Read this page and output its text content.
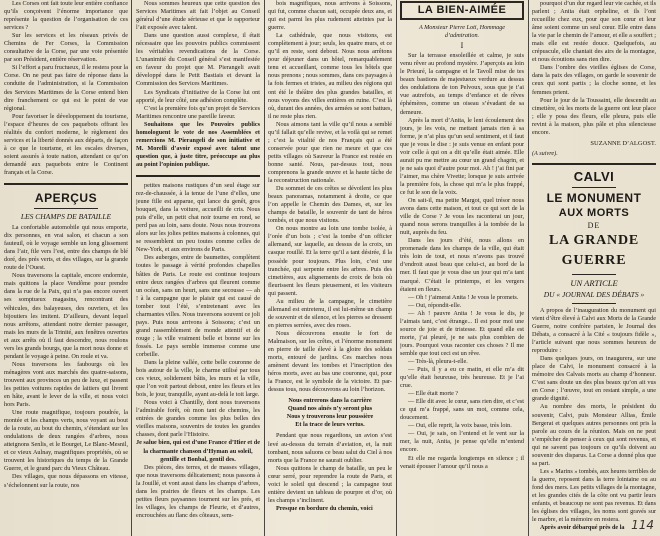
Les Corses ont fait toute leur entière confiance qu’ils conçoivent l’énorme importance que représente la question de l’organisation de ces services ?

Sur les services et les réseaux privés de Chemins de Fer Corses, la Commission consultative de la Corse, par une voie présentée par son Président, entière réservation.

Si l’effort a paru fructueux, il le restera pour la Corse. On ne peut pas faire de réponse dans la conduite de l’administration, si la Commission des Services Maritimes de la Corse entend bien dire franchement ce qui est le point de vue régional.

Pour favoriser le développement du tourisme, l’espace d’heures de ces paquebots offrant les réalités du confort moderne, le règlement des services et la liberté donnés aux départs, de façon à ce que le tourisme, et les escales diverses, soient assurés à toute nation, attendant ce qu’on demandé aux paquebots entre le Continent français et la Corse.

APERÇUS
LES CHAMPS DE BATAILLE

La confortable automobile qui nous emporte, dix personnes, en vrai salon, et chacun a son fauteuil, où le voyage semble un long glissement dans l’air, file vers l’est, entre des champs de blé doré, des prés verts, et des villages, sur la grande route de l’Ouest.

Nous traversons la capitale, encore endormie, mais quittons la place Vendôme pour prendre dans la rue de la Paix, qui n’a pas encore ouvert ses somptueux magasins, rencontrant des véhicules, des balayeuses, des ouvriers, et les bijoutiers les imitent. D’ailleurs, devant lequel nous arrêtons, attendant notre dernier passager, mais les murs de la Trinité, aux fenêtres ouvertes et aux arrêts où il faut descendre, nous roulons vers les grands bourgs, que la mort nous donne et pendant le voyage à peine. On roule et va.

Nous traversons les faubourgs où les ménagères vont aux marchés des quatre-saisons, trouvent aux provinces un peu de luxe, et passent les petites voitures rapides de laitiers qui livrent en hâte, avant le lever de la ville, et nous voici hors Paris.

Une route magnifique, toujours poudrée, la montée et les champs verts, nous voyant au bout de la route, au bout du chemin, s’étendant sur les ondulations de deux rangées d’arbres, nous atteignons Senlis, et le Bourget, Le Blanc-Mesnil, et ce vieux Aulnay, magnifiques propriétés, où se trouvent les historiques du temps de la Grande Guerre, et le grand parc du Vieux Château.

Des villages, que nous dépassons en vitesse, s’échelonnent sur la route, nos

Nous sommes heureux que cette question des Services Maritimes ait fait l’objet au Conseil général d’une étude sérieuse et que le rapporteur l’ait exposée avec talent.

Dans une question aussi complexe, il était nécessaire que les pouvoirs publics commissent les véritables revendications de la Corse. L’unanimité du Conseil général s’est manifestée en faveur du projet que M. Pierangeli avait développé dans le Petit Bastiais et devant la Commission des Services Maritimes.

Les Syndicats d’initiative de la Corse lui ont apporté, de leur côté, une adhésion complète.

C’est la première fois qu’un projet de Services Maritimes rencontre une pareille faveur.

Souhaitons que les Pouvoirs publics homologuent le vote de nos Assemblées et remercions M. Pierangeli de son initiative et M. Morelli d’avoir exposé avec talent une question que, à juste titre, préoccupe au plus au point l’opinion publique.

petites maisons rustiques d’un seul étage sur rez-de-chaussée, à la tenue de l’une d’elles, une jeune fille est apparue, qui lance du genêt, gros bouquet, dans la voiture, accueilli de cris. Nous puis d’elle, un petit chat noir tourne en rond, se perd pas au loin, sans doute. Nous nous trouvons alors sur les jolies petites maisons à colonnes, qui se ressemblent un peu toutes comme celles de New-York, et aux environs de Paris.

Des auberges, entre de baumettes, complètent toutes le passage à vérité profondes chapelles bâties de Paris. Le route est continue toujours entre deux rangées d’arbres qui fleurent comme un océan, sans un heurt, sans une secousse — ah ! à la campagne que le plaisir qui est causé de tomber tout l’été, s’entretenant avec les charmantes villes. Nous traversons souvent ce joli pays. Puis nous arrivons à Soissons; c’est un grand rassemblement de monde attentif et de rouge ; la ville vraiment belle et bonne sur les fossés. Le pays semble immense comme une corbeille.

Dans la pleine vallée, cette belle couronne de bois autour de la ville, le charme utilisé par tous ces vieux, solidement bâtis, les murs et la ville, que l’on voit partout debout, entre les fleurs et les bois, le jour, tranquille, ayant au-delà le toit large.

Nous voici à Chantilly, dont nous traversons l’admirable forêt, où mon tant de chemins, les entrées de grandes comme les plus belles des vieilles maisons, souvenirs de toutes les grandes chasses, dont parle l’Histoire.

Je salue bien, qui est d’une France d’Hier et de la charmante chanson d’Hyman au soleil, gentille et Bonbal, gentil des.

Des pièces, des terres, et de masses villages, que nous traversons délicatement; nous passons à la Jouillé, et vont aussi dans les champs d’arbres, dans les prairies de fleurs et les champs. Les petites fleurs paysannes tournent sur les prés, et les villages, les champs de Fleurie, et d’autres, encrouchées au flanc des côteaux, sem-

bois magnifiques, nous arrivons à Soissons, qui fut, comme chacun sait, occupée deux ans, et qui est parmi les plus rudement atteintes par la guerre.

La cathédrale, que nous visitons, est complètement à jour; seuls, les quatre murs, et ce qu’il en reste, sont debout. Nous nous arrêtons pour déjeuner dans un hôtel, remarquablement tenu et accueillant, comme tous les hôtels que nous prenons ; nous sommes, dans ces paysages à la fois fermes et tristes, au milieu des régions qui ont été le théâtre des plus grandes batailles, et nous voyons des villes entières en ruine. C’est là où, durant des années, des armées se sont battues, il ne reste plus rien.

Nous aimons tant la ville qu’il nous a semblé qu’il fallait qu’elle revive, et la voilà qui se remet ; c’est la vitalité de nos Français qui a été conservée pour que rien ne meure et que ces petits villages où Sauveur la France est restée en bonne santé. Nous, par-dessus tout, nous comprenons la grande œuvre et la haute tâche de la reconstruction nationale.

Du sommet de ces crêtes se dévoilent les plus beaux panoramas, notamment à droite, ce que l’on appelle le Chemin des Dames, et, sur les champs de bataille, le souvenir de tant de héros tombés, et que nous visitons.

On nous montre au loin une tombe isolée, à l’orée d’un bois ; c’est la tombe d’un officier allemand, sur laquelle, au dessus de la croix, un casque rouillé. Et la terre qu’il a tant désirée, il la possède pour toujours. Plus loin, c’est une tranchée, qui serpente entre les arbres. Puis des cimetières, aux alignements de croix de bois où fleurissent les fleurs pieusement, et les visiteurs qui passent.

Au milieu de la campagne, le cimetière allemand est entretenu, il est lui-même un champ de souvenir et de silence, et les pierres se dressent en pierres serrées, avec des roses.

Nous découvrons ensuite le fort de Malmaison, sur les crêtes, et l’énorme monument en pierre de taille élevé à la gloire des soldats morts, entouré de jardins. Ces marches nous amènent devant les tombes et l’inscription des héros morts, avec au bas une couronne, qui, pour la France, est le symbole de la victoire. Et par-dessus tous, nous découvrons au loin l’horizon.

Nous entrerons dans la carrière

Quand nos aînés n’y seront plus

Nous y trouverons leur poussière

Et la trace de leurs vertus.

Pendant que nous regardions, un avion s’est levé au-dessus du terrain d’aviation, et, la nuit tombant, nous saluons ce beau salut du Ciel à nos morts que la France ne saurait oublier.

Nous quittons le champ de bataille, un peu le cœur serré, pour reprendre la route de Paris, et voici le soleil qui descend ; la campagne tout entière devient un tableau de pourpre et d’or, où les champs s’inclinent.

Presque en bordure du chemin, voici

LA BIEN-AIMÉE

A Monsieur Pierre Loti, Hommage d’admiration.

I

Sur la terrasse ensoleillée et calme, je suis venu rêver au profond mystère. J’aperçois au loin le Prieuré, la campagne et le Tavoll mise de tes beaux bastions de majestueux verdure au dessus des ondulations de ton Pelvoux, sous que je t’ai vue autrefois, au temps d’enfance et de rêves éphémères, comme un oiseau s’évadant de sa demeure.

Après la mort d’Anita, le lent écoulement des jours, je les vois, ne mettant jamais rien à sa forme, je n’ai plus qu’un seul sentiment, et il faut que je vous le dise : je suis venue en enfant pour voir celle à qui on a dit qu’elle était aimée. Elle aurait pu me mettre au cœur un grand chagrin, et je ne sais quoi d’autre pour moi. Ah ! j’ai fini par l’aimer, ma chère Vivette; lorsque je suis arrivée la première fois, la chose qui m’a le plus frappé, ce fut le son de la voix.

On sait-il, ma petite Margot, quel trésor nous avons dans cette maison, et tout ce qui sort de la ville de Corse ? Je vous les raconterai un jour, quand nous serons tranquilles à la tombée de la nuit, auprès du feu.

Dans les jours d’été, nous allons en promenade dans les champs de la ville, qui était très loin de tout, et nous n’avons pas trouvé d’endroit aussi beau que celui-ci, au bord de la mer. Il faut que je vous dise un jour qui m’a tant marqué. C’était le printemps, et les vergers étaient en fleurs.

— Oh ! j’aimerai Anita ! Je vous le promets.

— Oui, répondit-elle.

— Ah ! pauvre Anita ! Je vous le dis, je l’aimais tant, c’est étrange... Il est pour moi une source de joie et de tristesse. Et quand elle est morte, j’ai pleuré, je ne sais plus combien de jours. Pourquoi vous raconter ces choses ? Il me semble que tout ceci est un rêve.

— Très-là, pleura-t-elle.

— Puis, il y a eu ce matin, et elle m’a dit qu’elle était heureuse, très heureuse. Et je l’ai crue.

— Elle était morte ?

— Elle dit avec le cœur, sans rien dire, et c’est ce qui m’a frappé, sans un mot, comme cela, doucement.

— Oui, elle reprit, la voix basse, très loin.

— Oui, je sais, on l’entend et le vent sur la mer, la nuit, Anita, je pense qu’elle m’entend encore.

Et elle me regarda longtemps en silence ; il venait épouser l’amour qu’il nous a

pourquoi d’un dur regard leur vie cachée, et ils parlent ; Anita était orpheline, et ils l’ont recueillie chez eux, pour que son cœur et leur âme soient comme un seul cœur. Elle entre dans la vie par le chemin de l’amour, et elle a souffert ; mais elle est restée douce. Quelquefois, au crépuscule, elle chantait des airs de la montagne, et nous écoutions sans rien dire.

Dans l’ombre des vieilles églises de Corse, dans la paix des villages, on garde le souvenir de ceux qui sont partis ; la cloche sonne, et les femmes prient.

Pour le jour de la Toussaint, elle descendit au cimetière, où les morts de la guerre ont leur place ; elle y posa des fleurs, elle pleura, puis elle revint à la maison, plus pâle et plus silencieuse encore.

SUZANNE D’ALGOST.

(A suivre).

CALVI
LE MONUMENT
AUX MORTS
DE
LA GRANDE GUERRE
UN ARTICLE
DU « JOURNAL DES DÉBATS »

A propos de l’inauguration du monument qui vient d’être élevé à Calvi aux Morts de la Grande Guerre, notre confrère parisien, le Journal des Débats, a consacré à la Cité « toujours fidèle », l’article suivant que nous sommes heureux de reproduire :

Dans quelques jours, on inaugurera, sur une place de Calvi, le monument consacré à la mémoire des Calvais morts au champ d’honneur. C’est sans doute un des plus beaux qu’on ait vus en Corse ; l’œuvre, tout en restant simple, a une grande dignité.

Au nombre des morts, le président du souvenir, Calvi, puis Monsieur Allias, Émile Bergerat et quelques autres personnes ont pris la parole au cours de la réunion. Mais on ne peut s’empêcher de penser à ceux qui sont revenus, et qui ne savent pas toujours ce qu’ils doivent au souvenir des disparus. La Corse a donné plus que sa part.

Les « Marins » tombés, aux heures terribles de la guerre, reposent dans la terre lointaine ou au fond des mers. Les petits villages de la montagne, et les grandes cités de la côte ont vu partir leurs enfants, et beaucoup ne sont pas revenus. Et dans les églises des villages, les noms sont gravés sur le marbre, et la mémoire en restera.

Après avoir débarqué près de la 114
